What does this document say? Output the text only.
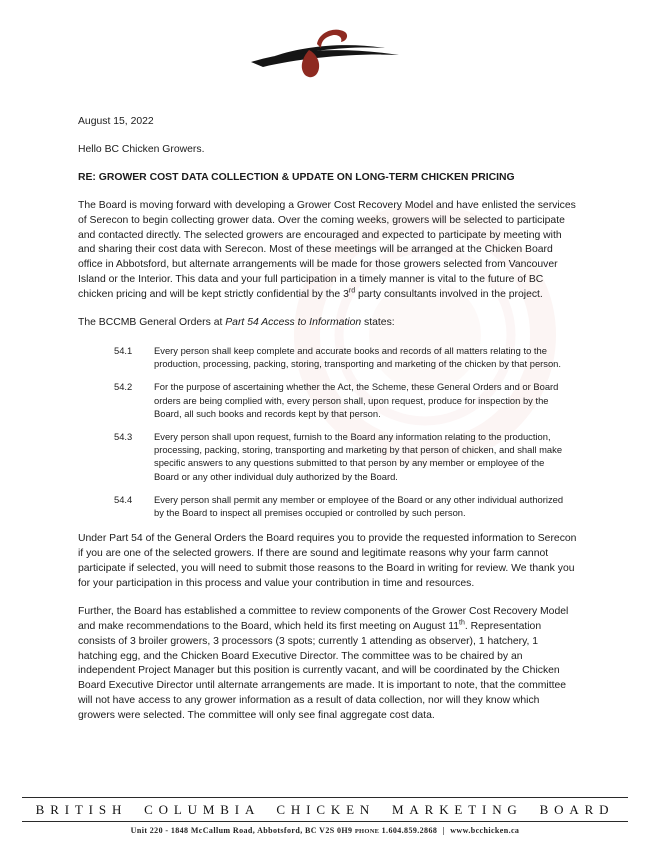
August 15, 2022

Hello BC Chicken Growers.

RE: GROWER COST DATA COLLECTION & UPDATE ON LONG-TERM CHICKEN PRICING

The Board is moving forward with developing a Grower Cost Recovery Model and have enlisted the services of Serecon to begin collecting grower data. Over the coming weeks, growers will be selected to participate and contacted directly. The selected growers are encouraged and expected to participate by meeting with and sharing their cost data with Serecon. Most of these meetings will be arranged at the Chicken Board office in Abbotsford, but alternate arrangements will be made for those growers selected from Vancouver Island or the Interior. This data and your full participation in a timely manner is vital to the future of BC chicken pricing and will be kept strictly confidential by the 3rd party consultants involved in the project.

The BCCMB General Orders at Part 54 Access to Information states:

54.1	Every person shall keep complete and accurate books and records of all matters relating to the production, processing, packing, storing, transporting and marketing of the chicken by that person.
54.2	For the purpose of ascertaining whether the Act, the Scheme, these General Orders and or Board orders are being complied with, every person shall, upon request, produce for inspection by the Board, all such books and records kept by that person.
54.3	Every person shall upon request, furnish to the Board any information relating to the production, processing, packing, storing, transporting and marketing by that person of chicken, and shall make specific answers to any questions submitted to that person by any member or employee of the Board or any other individual duly authorized by the Board.
54.4	Every person shall permit any member or employee of the Board or any other individual authorized by the Board to inspect all premises occupied or controlled by such person.

Under Part 54 of the General Orders the Board requires you to provide the requested information to Serecon if you are one of the selected growers. If there are sound and legitimate reasons why your farm cannot participate if selected, you will need to submit those reasons to the Board in writing for review. We thank you for your participation in this process and value your contribution in time and resources.

Further, the Board has established a committee to review components of the Grower Cost Recovery Model and make recommendations to the Board, which held its first meeting on August 11th. Representation consists of 3 broiler growers, 3 processors (3 spots; currently 1 attending as observer), 1 hatchery, 1 hatching egg, and the Chicken Board Executive Director. The committee was to be chaired by an independent Project Manager but this position is currently vacant, and will be coordinated by the Chicken Board Executive Director until alternate arrangements are made. It is important to note, that the committee will not have access to any grower information as a result of data collection, nor will they know which growers were selected. The committee will only see final aggregate cost data.

BRITISH COLUMBIA CHICKEN MARKETING BOARD
Unit 220 - 1848 McCallum Road, Abbotsford, BC V2S 0H9 PHONE 1.604.859.2868 | www.bcchicken.ca
